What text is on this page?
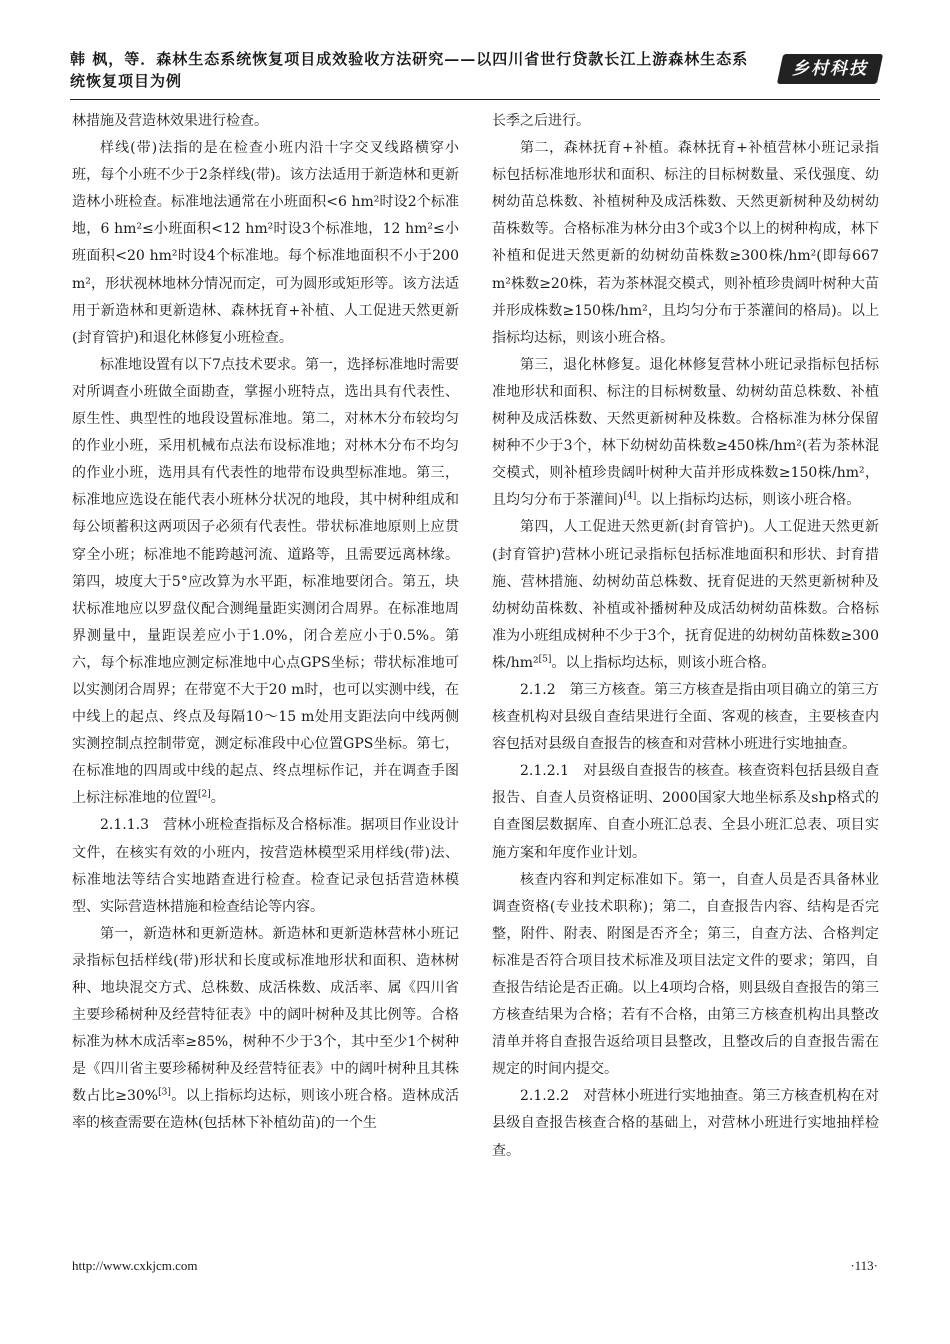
韩 枫，等．森林生态系统恢复项目成效验收方法研究——以四川省世行贷款长江上游森林生态系统恢复项目为例
乡村科技

林措施及营造林效果进行检查。

样线(带)法指的是在检查小班内沿十字交叉线路横穿小班，每个小班不少于2条样线(带)。该方法适用于新造林和更新造林小班检查。标准地法通常在小班面积<6 hm²时设2个标准地，6 hm²≤小班面积<12 hm²时设3个标准地，12 hm²≤小班面积<20 hm²时设4个标准地。每个标准地面积不小于200 m²，形状视林地林分情况而定，可为圆形或矩形等。该方法适用于新造林和更新造林、森林抚育+补植、人工促进天然更新(封育管护)和退化林修复小班检查。

标准地设置有以下7点技术要求。第一，选择标准地时需要对所调查小班做全面勘查，掌握小班特点，选出具有代表性、原生性、典型性的地段设置标准地。第二，对林木分布较均匀的作业小班，采用机械布点法布设标准地；对林木分布不均匀的作业小班，选用具有代表性的地带布设典型标准地。第三，标准地应选设在能代表小班林分状况的地段，其中树种组成和每公顷蓄积这两项因子必须有代表性。带状标准地原则上应贯穿全小班；标准地不能跨越河流、道路等，且需要远离林缘。第四，坡度大于5°应改算为水平距，标准地要闭合。第五，块状标准地应以罗盘仪配合测绳量距实测闭合周界。在标准地周界测量中，量距误差应小于1.0%，闭合差应小于0.5%。第六，每个标准地应测定标准地中心点GPS坐标；带状标准地可以实测闭合周界；在带宽不大于20 m时，也可以实测中线，在中线上的起点、终点及每隔10～15 m处用支距法向中线两侧实测控制点控制带宽，测定标准段中心位置GPS坐标。第七，在标准地的四周或中线的起点、终点埋标作记，并在调查手图上标注标准地的位置[2]。

2.1.1.3　营林小班检查指标及合格标准。据项目作业设计文件，在核实有效的小班内，按营造林模型采用样线(带)法、标准地法等结合实地踏查进行检查。检查记录包括营造林模型、实际营造林措施和检查结论等内容。

第一，新造林和更新造林。新造林和更新造林营林小班记录指标包括样线(带)形状和长度或标准地形状和面积、造林树种、地块混交方式、总株数、成活株数、成活率、属《四川省主要珍稀树种及经营特征表》中的阔叶树种及其比例等。合格标准为林木成活率≥85%，树种不少于3个，其中至少1个树种是《四川省主要珍稀树种及经营特征表》中的阔叶树种且其株数占比≥30%[3]。以上指标均达标，则该小班合格。造林成活率的核查需要在造林(包括林下补植幼苗)的一个生

长季之后进行。

第二，森林抚育+补植。森林抚育+补植营林小班记录指标包括标准地形状和面积、标注的目标树数量、采伐强度、幼树幼苗总株数、补植树种及成活株数、天然更新树种及幼树幼苗株数等。合格标准为林分由3个或3个以上的树种构成，林下补植和促进天然更新的幼树幼苗株数≥300株/hm²(即每667 m²株数≥20株，若为茶林混交模式，则补植珍贵阔叶树种大苗并形成株数≥150株/hm²，且均匀分布于茶灌间的格局)。以上指标均达标，则该小班合格。

第三，退化林修复。退化林修复营林小班记录指标包括标准地形状和面积、标注的目标树数量、幼树幼苗总株数、补植树种及成活株数、天然更新树种及株数。合格标准为林分保留树种不少于3个，林下幼树幼苗株数≥450株/hm²(若为茶林混交模式，则补植珍贵阔叶树种大苗并形成株数≥150株/hm²，且均匀分布于茶灌间)[4]。以上指标均达标，则该小班合格。

第四，人工促进天然更新(封育管护)。人工促进天然更新(封育管护)营林小班记录指标包括标准地面积和形状、封育措施、营林措施、幼树幼苗总株数、抚育促进的天然更新树种及幼树幼苗株数、补植或补播树种及成活幼树幼苗株数。合格标准为小班组成树种不少于3个，抚育促进的幼树幼苗株数≥300株/hm²[5]。以上指标均达标，则该小班合格。

2.1.2　第三方核查。第三方核查是指由项目确立的第三方核查机构对县级自查结果进行全面、客观的核查，主要核查内容包括对县级自查报告的核查和对营林小班进行实地抽查。

2.1.2.1　对县级自查报告的核查。核查资料包括县级自查报告、自查人员资格证明、2000国家大地坐标系及shp格式的自查图层数据库、自查小班汇总表、全县小班汇总表、项目实施方案和年度作业计划。

核查内容和判定标准如下。第一，自查人员是否具备林业调查资格(专业技术职称)；第二，自查报告内容、结构是否完整，附件、附表、附图是否齐全；第三，自查方法、合格判定标准是否符合项目技术标准及项目法定文件的要求；第四，自查报告结论是否正确。以上4项均合格，则县级自查报告的第三方核查结果为合格；若有不合格，由第三方核查机构出具整改清单并将自查报告返给项目县整改，且整改后的自查报告需在规定的时间内提交。

2.1.2.2　对营林小班进行实地抽查。第三方核查机构在对县级自查报告核查合格的基础上，对营林小班进行实地抽样检查。

http://www.cxkjcm.com	·113·
